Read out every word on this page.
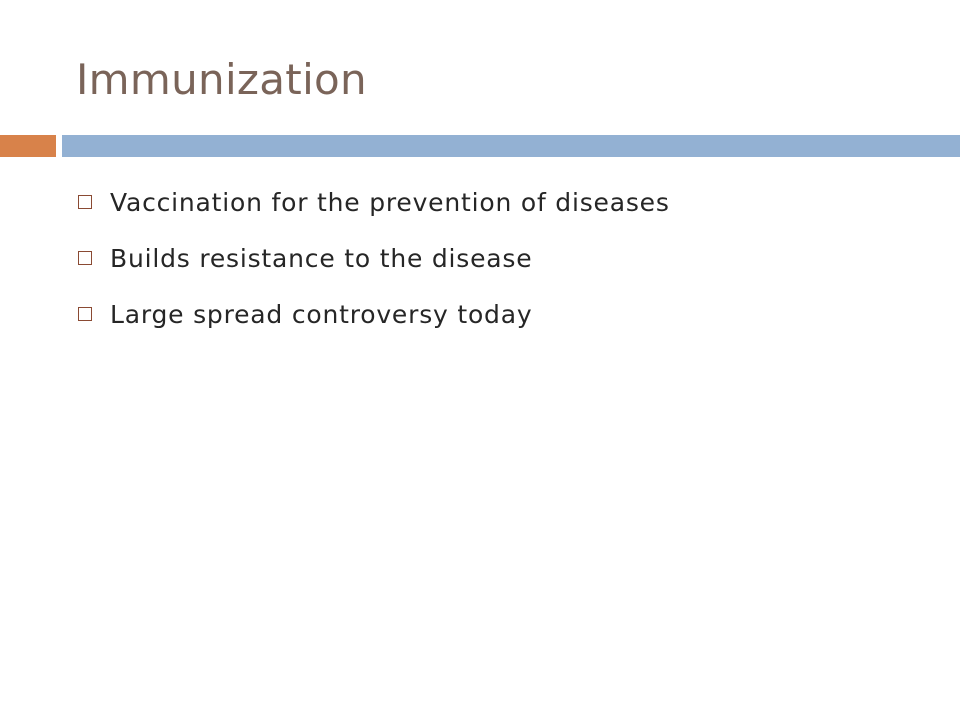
Immunization
Vaccination for the prevention of diseases
Builds resistance to the disease
Large spread controversy today
